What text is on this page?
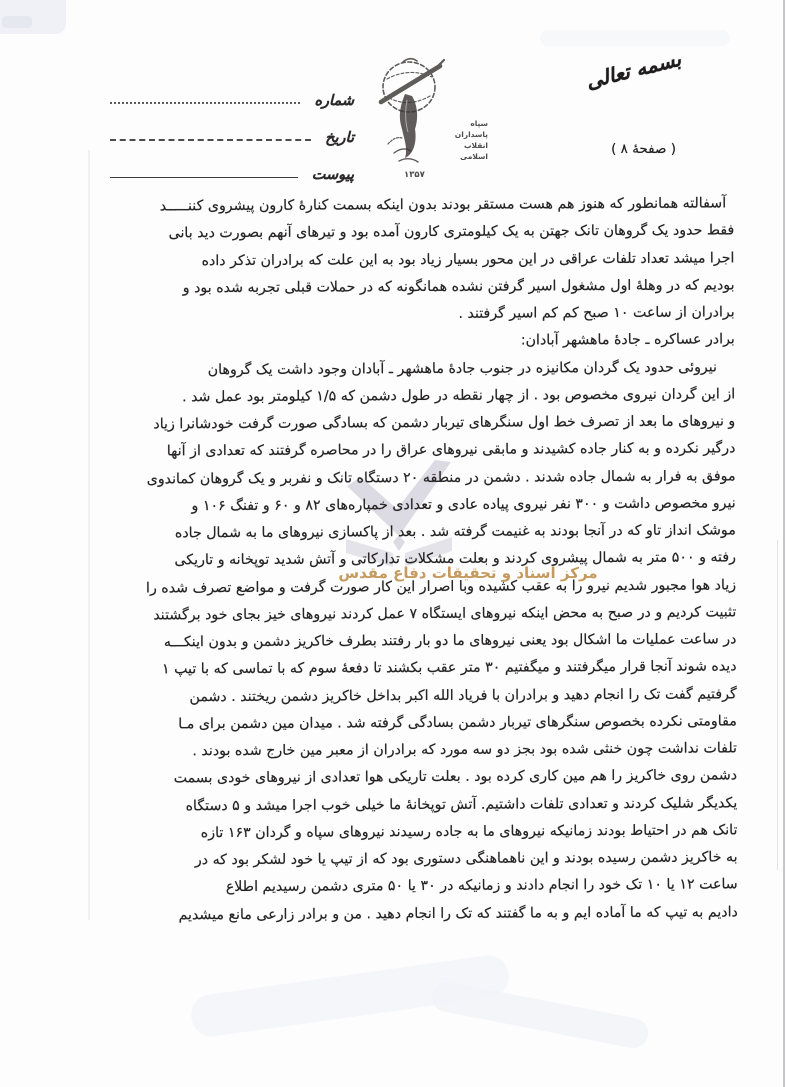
بسمه تعالی
( صفحهٔ ۸ )
شماره
تاریخ
پیوست
سپاه
پاسداران
انقلاب
اسلامی
۱۳۵۷
مرکز اسناد و تحقیقات دفاع مقدس
آسفالته همانطور که هنوز هم هست مستقر بودند بدون اینکه بسمت کنارهٔ کارون پیشروی کننـــــد
فقط حدود یک گروهان تانک جهتن به یک کیلومتری کارون آمده بود و تیرهای آنهم بصورت دید بانی
اجرا میشد تعداد تلفات عراقی در این محور بسیار زیاد بود به این علت که برادران تذکر داده
بودیم که در وهلهٔ اول مشغول اسیر گرفتن نشده همانگونه که در حملات قبلی تجربه شده بود و
برادران از ساعت ۱۰ صبح کم کم اسیر گرفتند .
برادر عساکره ـ جادهٔ ماهشهر آبادان:
نیروئی حدود یک گردان مکانیزه در جنوب جادهٔ ماهشهر ـ آبادان وجود داشت یک گروهان
از این گردان نیروی مخصوص بود . از چهار نقطه در طول دشمن که ۱/۵ کیلومتر بود عمل شد .
و نیروهای ما بعد از تصرف خط اول سنگرهای تیربار دشمن که بسادگی صورت گرفت خودشانرا زیاد
درگیر نکرده و به کنار جاده کشیدند و مابقی نیروهای عراق را در محاصره گرفتند که تعدادی از آنها
موفق به فرار به شمال جاده شدند . دشمن در منطقه ۲۰ دستگاه تانک و نفربر و یک گروهان کماندوی
نیرو مخصوص داشت و ۳۰۰ نفر نیروی پیاده عادی و تعدادی خمپاره‌های ۸۲ و ۶۰ و تفنگ ۱۰۶ و
موشک انداز تاو که در آنجا بودند به غنیمت گرفته شد . بعد از پاکسازی نیروهای ما به شمال جاده
رفته و ۵۰۰ متر به شمال پیشروی کردند و بعلت مشکلات تدارکاتی و آتش شدید توپخانه و تاریکی
زیاد هوا مجبور شدیم نیرو را به عقب کشیده وبا اصرار این کار صورت گرفت و مواضع تصرف شده را
تثبیت کردیم و در صبح به محض اینکه نیروهای ایستگاه ۷ عمل کردند نیروهای خیز بجای خود برگشتند
در ساعت عملیات ما اشکال بود یعنی نیروهای ما دو بار رفتند بطرف خاکریز دشمن و بدون اینکـــه
دیده شوند آنجا قرار میگرفتند و میگفتیم ۳۰ متر عقب بکشند تا دفعهٔ سوم که با تماسی که با تیپ ۱
گرفتیم گفت تک را انجام دهید و برادران با فریاد الله اکبر بداخل خاکریز دشمن ریختند . دشمن
مقاومتی نکرده بخصوص سنگرهای تیربار دشمن بسادگی گرفته شد . میدان مین دشمن برای مـا
تلفات نداشت چون خنثی شده بود بجز دو سه مورد که برادران از معبر مین خارج شده بودند .
دشمن روی خاکریز را هم مین کاری کرده بود . بعلت تاریکی هوا تعدادی از نیروهای خودی بسمت
یکدیگر شلیک کردند و تعدادی تلفات داشتیم. آتش توپخانهٔ ما خیلی خوب اجرا میشد و ۵ دستگاه
تانک هم در احتیاط بودند زمانیکه نیروهای ما به جاده رسیدند نیروهای سپاه و گردان ۱۶۳ تازه
به خاکریز دشمن رسیده بودند و این ناهماهنگی دستوری بود که از تیپ یا خود لشکر بود که در
ساعت ۱۲ یا ۱۰ تک خود را انجام دادند و زمانیکه در ۳۰ یا ۵۰ متری دشمن رسیدیم اطلاع
دادیم به تیپ که ما آماده ایم و به ما گفتند که تک را انجام دهید . من و برادر زارعی مانع میشدیم
